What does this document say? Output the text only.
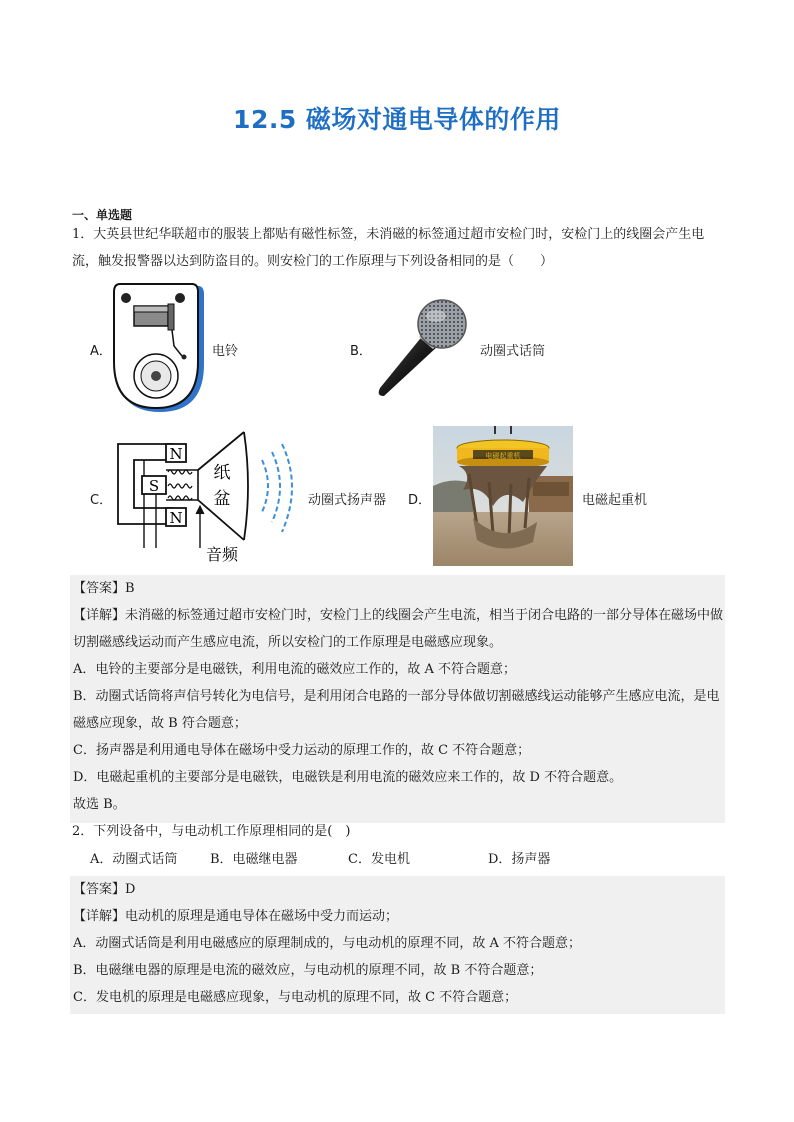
12.5 磁场对通电导体的作用
一、单选题
1．大英县世纪华联超市的服装上都贴有磁性标签，未消磁的标签通过超市安检门时，安检门上的线圈会产生电流，触发报警器以达到防盗目的。则安检门的工作原理与下列设备相同的是（　　）
A．	电铃	B．	动圈式话筒
C．
N
S
N
纸
盆
音频
动圈式扬声器 D．
电磁起重机
电磁起重机
【答案】B
【详解】未消磁的标签通过超市安检门时，安检门上的线圈会产生电流，相当于闭合电路的一部分导体在磁场中做切割磁感线运动而产生感应电流，所以安检门的工作原理是电磁感应现象。
A．电铃的主要部分是电磁铁，利用电流的磁效应工作的，故 A 不符合题意；
B．动圈式话筒将声信号转化为电信号，是利用闭合电路的一部分导体做切割磁感线运动能够产生感应电流，是电磁感应现象，故 B 符合题意；
C．扬声器是利用通电导体在磁场中受力运动的原理工作的，故 C 不符合题意；
D．电磁起重机的主要部分是电磁铁，电磁铁是利用电流的磁效应来工作的，故 D 不符合题意。
故选 B。
2．下列设备中，与电动机工作原理相同的是(　)
A．动圈式话筒	B．电磁继电器	C．发电机	D．扬声器
【答案】D
【详解】电动机的原理是通电导体在磁场中受力而运动；
A．动圈式话筒是利用电磁感应的原理制成的，与电动机的原理不同，故 A 不符合题意；
B．电磁继电器的原理是电流的磁效应，与电动机的原理不同，故 B 不符合题意；
C．发电机的原理是电磁感应现象，与电动机的原理不同，故 C 不符合题意；
